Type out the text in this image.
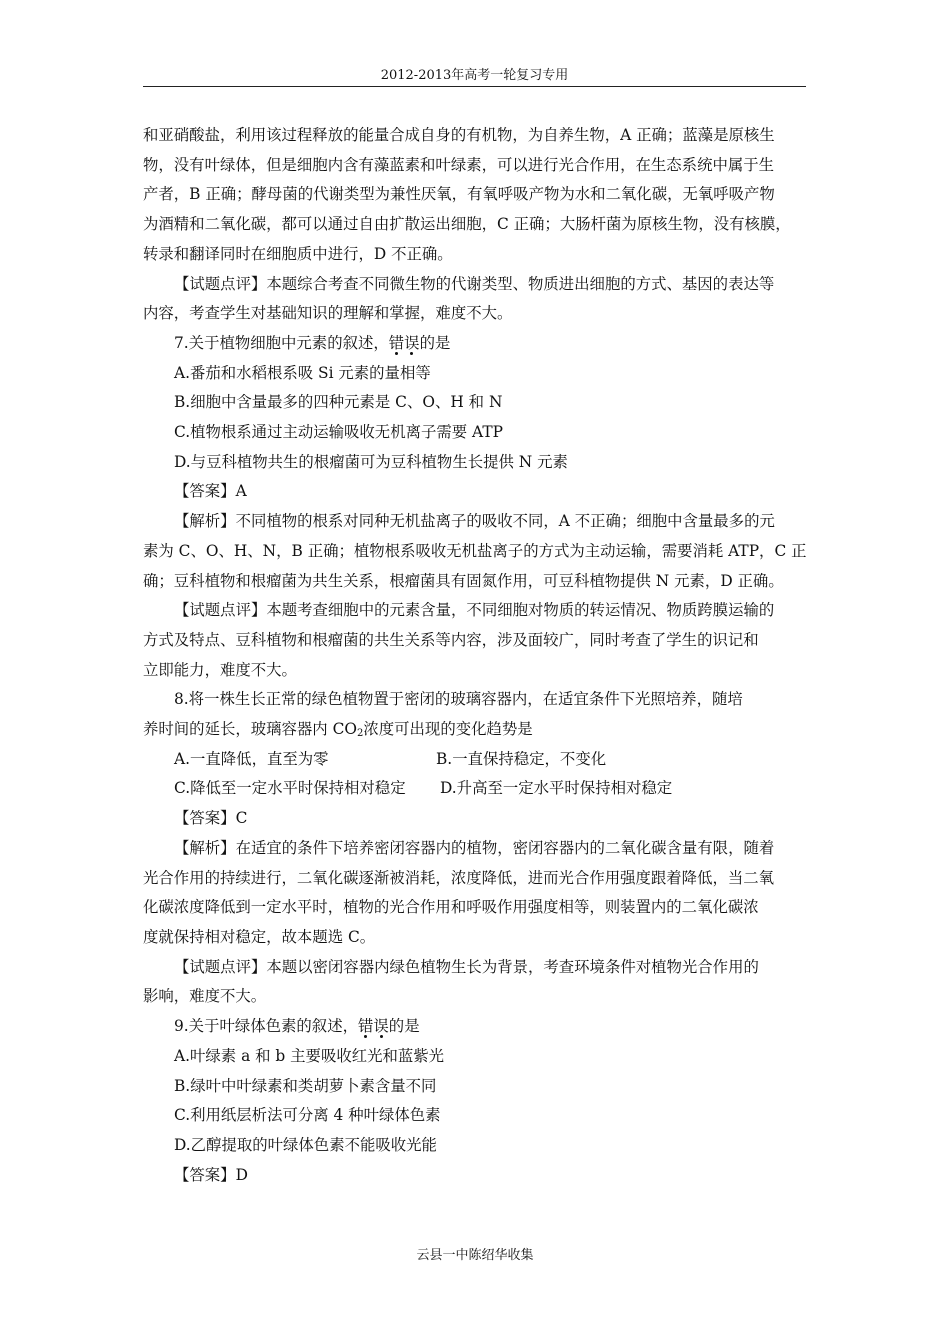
2012-2013年高考一轮复习专用

和亚硝酸盐，利用该过程释放的能量合成自身的有机物，为自养生物，A 正确；蓝藻是原核生

物，没有叶绿体，但是细胞内含有藻蓝素和叶绿素，可以进行光合作用，在生态系统中属于生

产者，B 正确；酵母菌的代谢类型为兼性厌氧，有氧呼吸产物为水和二氧化碳，无氧呼吸产物

为酒精和二氧化碳，都可以通过自由扩散运出细胞，C 正确；大肠杆菌为原核生物，没有核膜，

转录和翻译同时在细胞质中进行，D 不正确。

【试题点评】本题综合考查不同微生物的代谢类型、物质进出细胞的方式、基因的表达等

内容，考查学生对基础知识的理解和掌握，难度不大。

7.关于植物细胞中元素的叙述，错误的是

A.番茄和水稻根系吸 Si 元素的量相等

B.细胞中含量最多的四种元素是 C、O、H 和 N

C.植物根系通过主动运输吸收无机离子需要 ATP

D.与豆科植物共生的根瘤菌可为豆科植物生长提供 N 元素

【答案】A

【解析】不同植物的根系对同种无机盐离子的吸收不同，A 不正确；细胞中含量最多的元

素为 C、O、H、N，B 正确；植物根系吸收无机盐离子的方式为主动运输，需要消耗 ATP，C 正

确；豆科植物和根瘤菌为共生关系，根瘤菌具有固氮作用，可豆科植物提供 N 元素，D 正确。

【试题点评】本题考查细胞中的元素含量，不同细胞对物质的转运情况、物质跨膜运输的

方式及特点、豆科植物和根瘤菌的共生关系等内容，涉及面较广，同时考查了学生的识记和

立即能力，难度不大。

8.将一株生长正常的绿色植物置于密闭的玻璃容器内，在适宜条件下光照培养，随培

养时间的延长，玻璃容器内 $CO_2$浓度可出现的变化趋势是

A.一直降低，直至为零	B.一直保持稳定，不变化

C.降低至一定水平时保持相对稳定 D.升高至一定水平时保持相对稳定

【答案】C

【解析】在适宜的条件下培养密闭容器内的植物，密闭容器内的二氧化碳含量有限，随着

光合作用的持续进行，二氧化碳逐渐被消耗，浓度降低，进而光合作用强度跟着降低，当二氧

化碳浓度降低到一定水平时，植物的光合作用和呼吸作用强度相等，则装置内的二氧化碳浓

度就保持相对稳定，故本题选 C。

【试题点评】本题以密闭容器内绿色植物生长为背景，考查环境条件对植物光合作用的

影响，难度不大。

9.关于叶绿体色素的叙述，错误的是

A.叶绿素 a 和 b 主要吸收红光和蓝紫光

B.绿叶中叶绿素和类胡萝卜素含量不同

C.利用纸层析法可分离 4 种叶绿体色素

D.乙醇提取的叶绿体色素不能吸收光能

【答案】D

云县一中陈绍华收集
